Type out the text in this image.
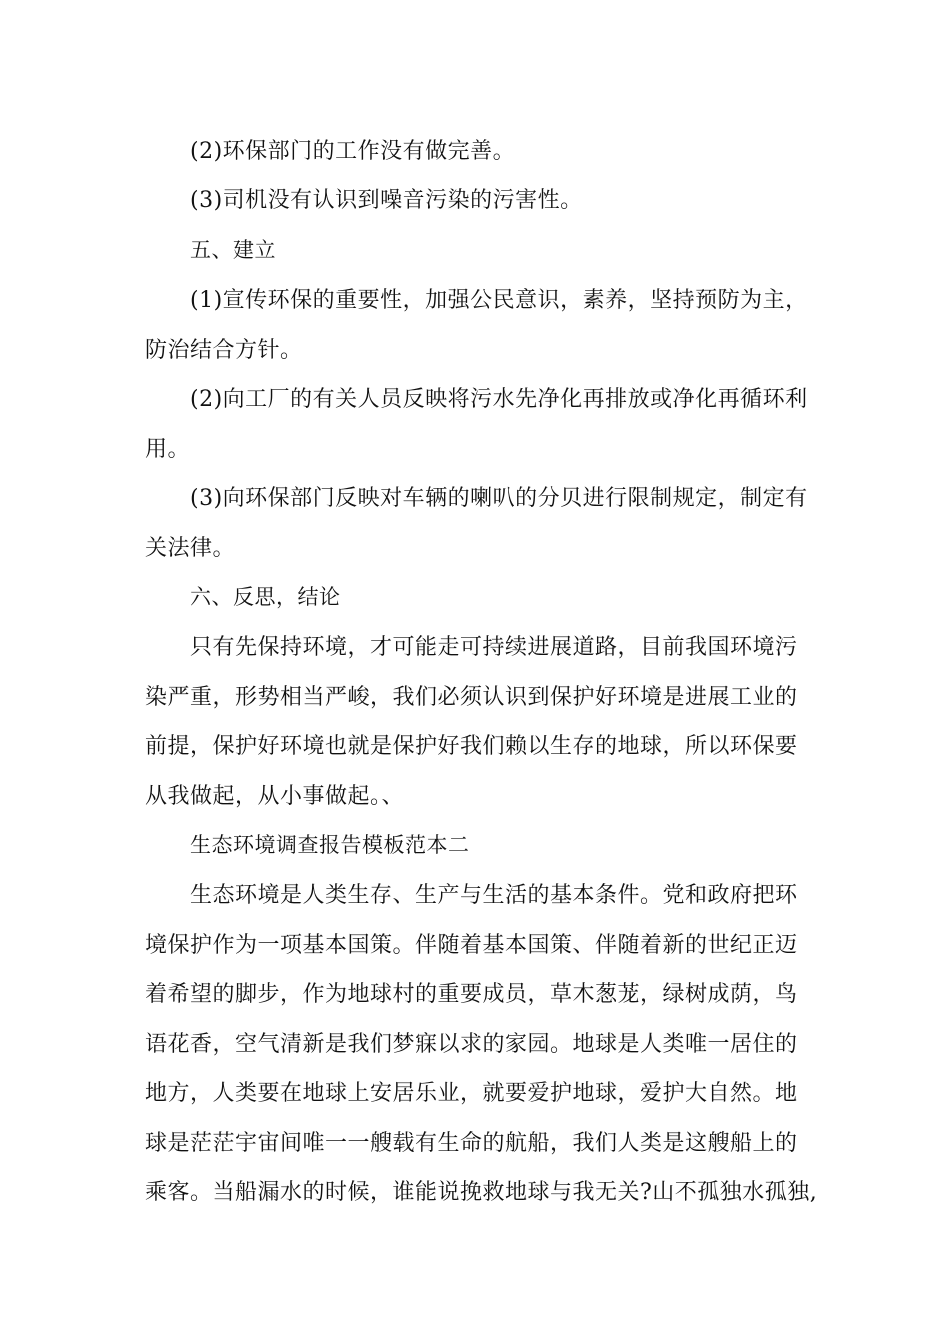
(2)环保部门的工作没有做完善。

(3)司机没有认识到噪音污染的污害性。

五、建立

(1)宣传环保的重要性，加强公民意识，素养，坚持预防为主，
防治结合方针。

(2)向工厂的有关人员反映将污水先净化再排放或净化再循环利
用。

(3)向环保部门反映对车辆的喇叭的分贝进行限制规定，制定有
关法律。

六、反思，结论

只有先保持环境，才可能走可持续进展道路，目前我国环境污
染严重，形势相当严峻，我们必须认识到保护好环境是进展工业的
前提，保护好环境也就是保护好我们赖以生存的地球，所以环保要
从我做起，从小事做起。、

生态环境调查报告模板范本二

生态环境是人类生存、生产与生活的基本条件。党和政府把环
境保护作为一项基本国策。伴随着基本国策、伴随着新的世纪正迈
着希望的脚步，作为地球村的重要成员，草木葱茏，绿树成荫，鸟
语花香，空气清新是我们梦寐以求的家园。地球是人类唯一居住的
地方，人类要在地球上安居乐业，就要爱护地球，爱护大自然。地
球是茫茫宇宙间唯一一艘载有生命的航船，我们人类是这艘船上的
乘客。当船漏水的时候，谁能说挽救地球与我无关?山不孤独水孤独,
